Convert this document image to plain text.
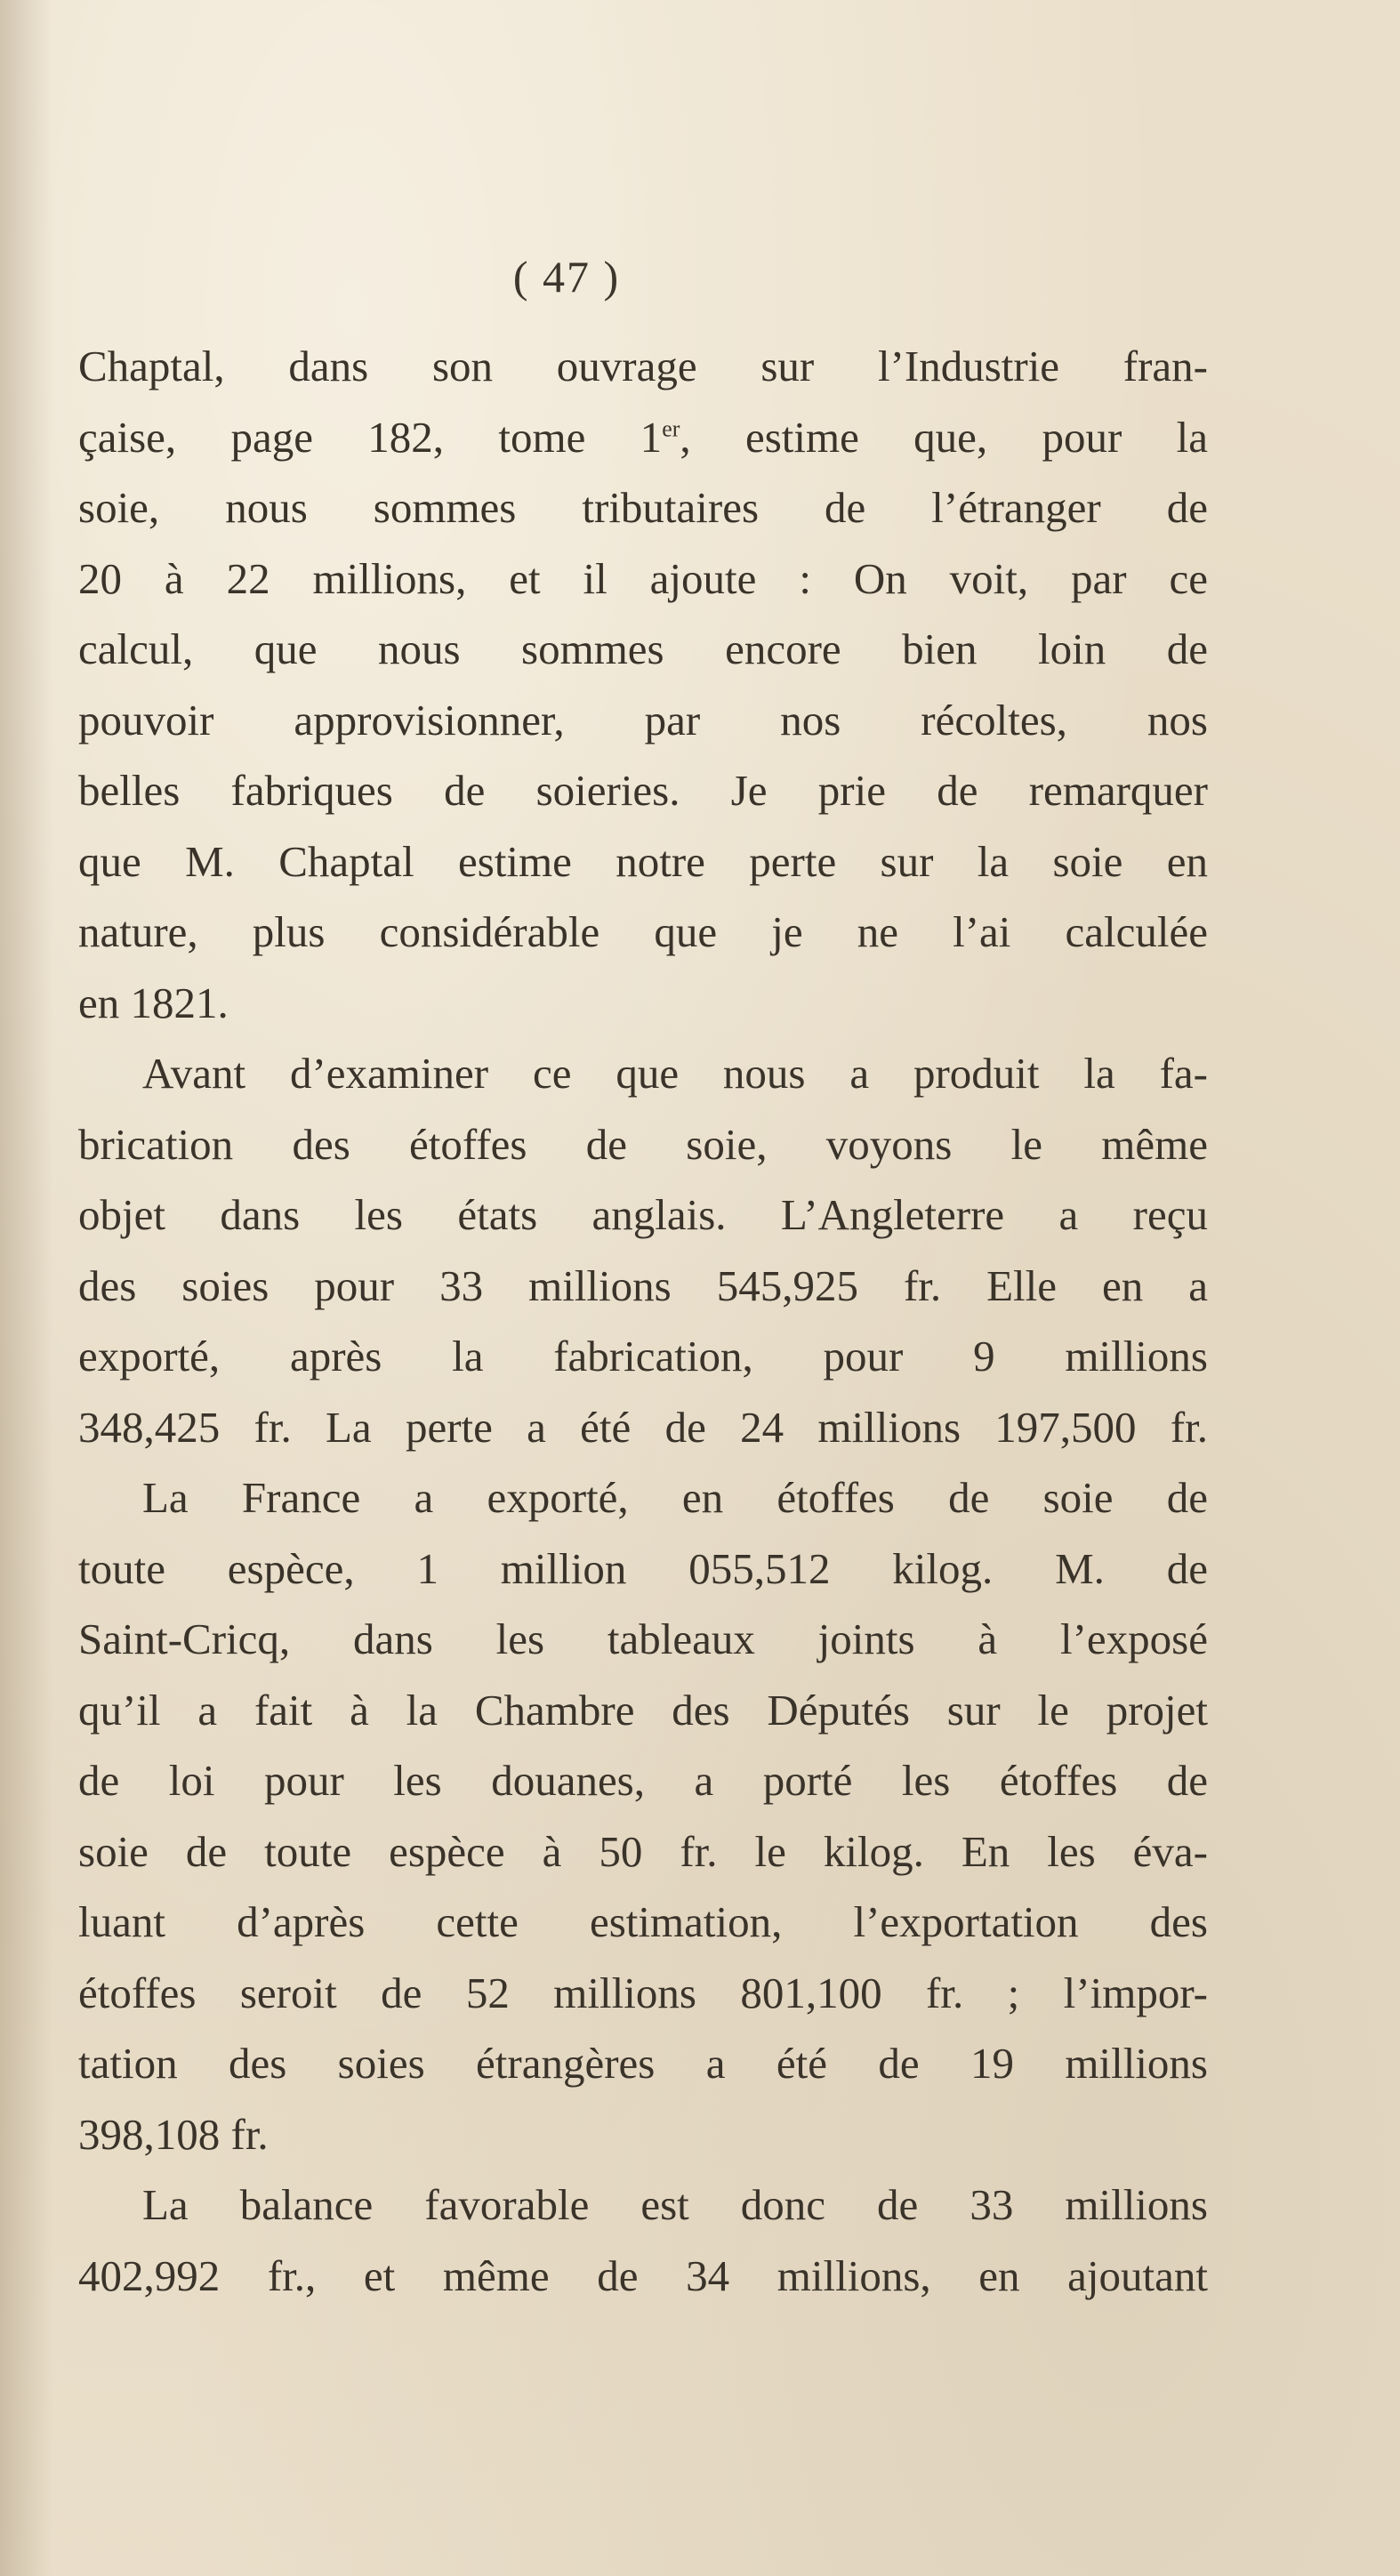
( 47 )
Chaptal, dans son ouvrage sur l’Industrie fran-
çaise, page 182, tome 1er, estime que, pour la
soie, nous sommes tributaires de l’étranger de
20 à 22 millions, et il ajoute : On voit, par ce
calcul, que nous sommes encore bien loin de
pouvoir approvisionner, par nos récoltes, nos
belles fabriques de soieries. Je prie de remarquer
que M. Chaptal estime notre perte sur la soie en
nature, plus considérable que je ne l’ai calculée
en 1821.
Avant d’examiner ce que nous a produit la fa-
brication des étoffes de soie, voyons le même
objet dans les états anglais. L’Angleterre a reçu
des soies pour 33 millions 545,925 fr. Elle en a
exporté, après la fabrication, pour 9 millions
348,425 fr. La perte a été de 24 millions 197,500 fr.
La France a exporté, en étoffes de soie de
toute espèce, 1 million 055,512 kilog. M. de
Saint-Cricq, dans les tableaux joints à l’exposé
qu’il a fait à la Chambre des Députés sur le projet
de loi pour les douanes, a porté les étoffes de
soie de toute espèce à 50 fr. le kilog. En les éva-
luant d’après cette estimation, l’exportation des
étoffes seroit de 52 millions 801,100 fr. ; l’impor-
tation des soies étrangères a été de 19 millions
398,108 fr.
La balance favorable est donc de 33 millions
402,992 fr., et même de 34 millions, en ajoutant
